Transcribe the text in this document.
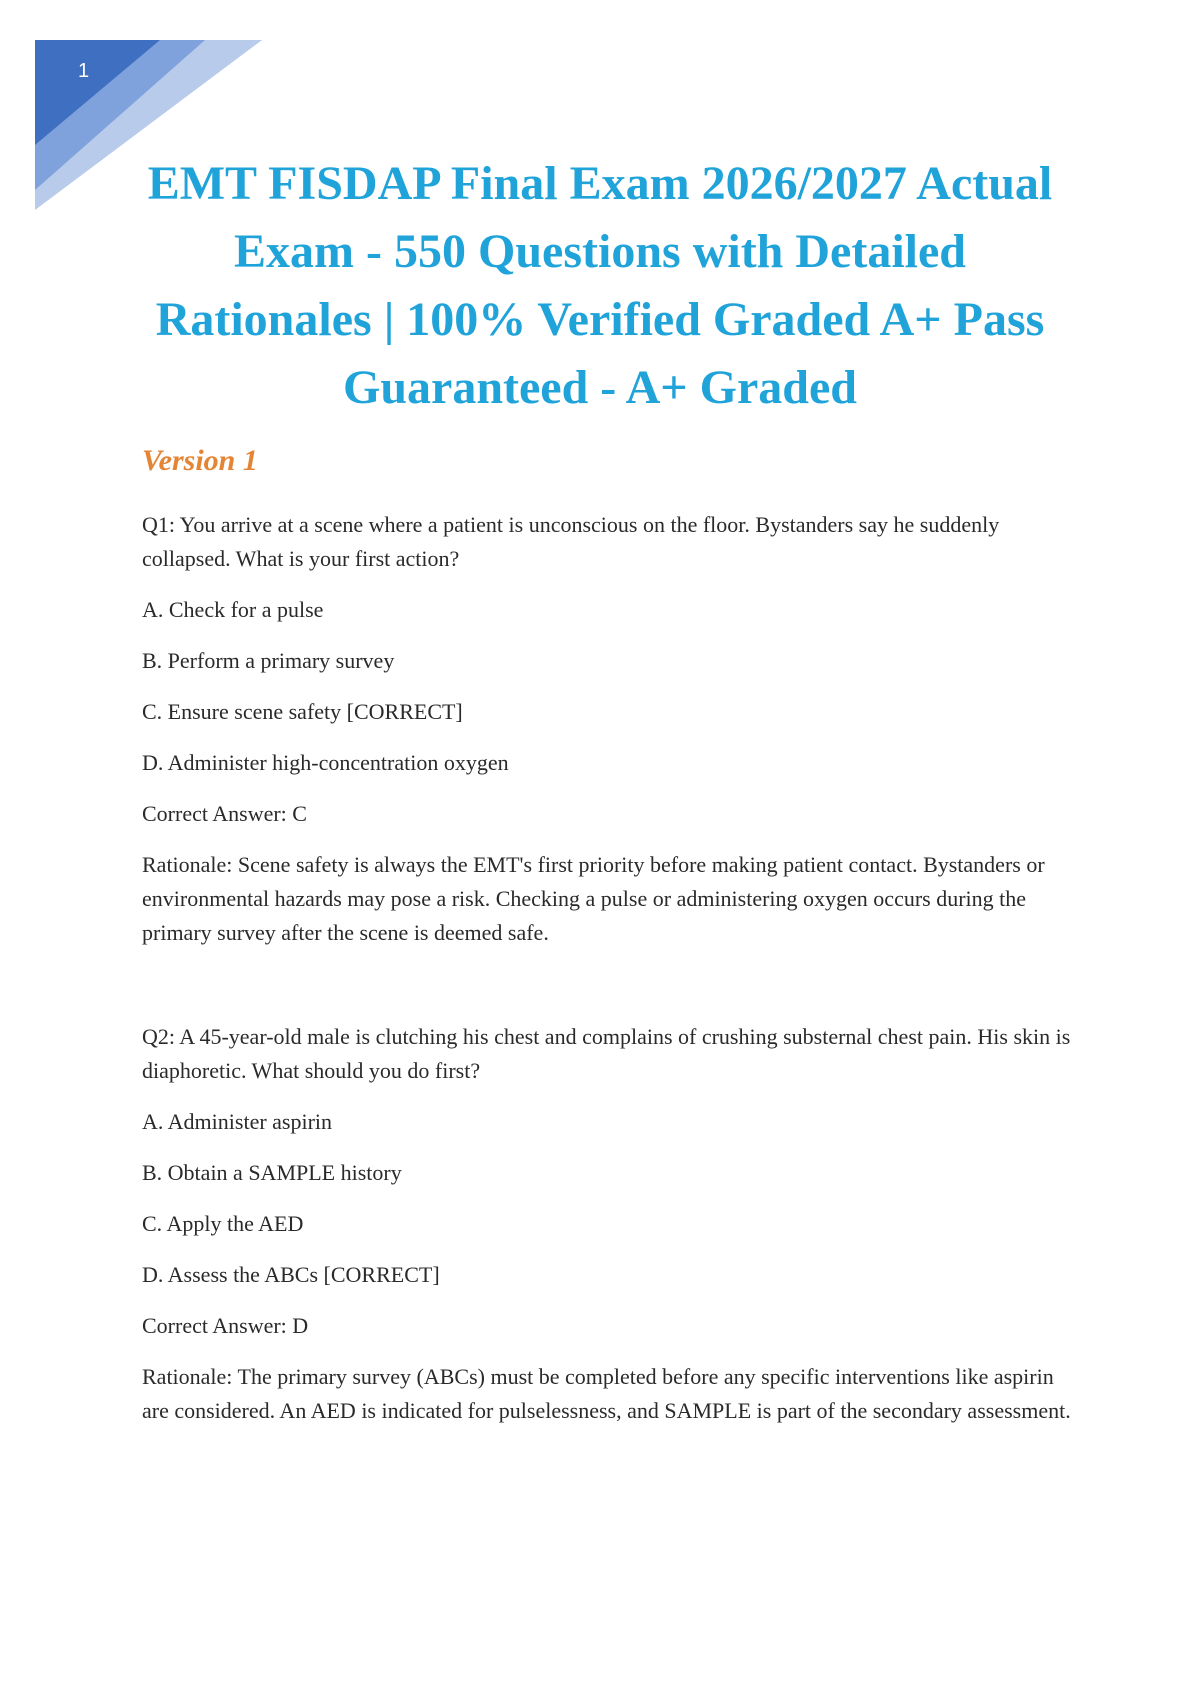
1
EMT FISDAP Final Exam 2026/2027 Actual Exam - 550 Questions with Detailed Rationales | 100% Verified Graded A+ Pass Guaranteed - A+ Graded
Version 1

Q1: You arrive at a scene where a patient is unconscious on the floor. Bystanders say he suddenly collapsed. What is your first action?

A. Check for a pulse

B. Perform a primary survey

C. Ensure scene safety [CORRECT]

D. Administer high-concentration oxygen

Correct Answer: C

Rationale: Scene safety is always the EMT's first priority before making patient contact. Bystanders or environmental hazards may pose a risk. Checking a pulse or administering oxygen occurs during the primary survey after the scene is deemed safe.

Q2: A 45-year-old male is clutching his chest and complains of crushing substernal chest pain. His skin is diaphoretic. What should you do first?

A. Administer aspirin

B. Obtain a SAMPLE history

C. Apply the AED

D. Assess the ABCs [CORRECT]

Correct Answer: D

Rationale: The primary survey (ABCs) must be completed before any specific interventions like aspirin are considered. An AED is indicated for pulselessness, and SAMPLE is part of the secondary assessment.
